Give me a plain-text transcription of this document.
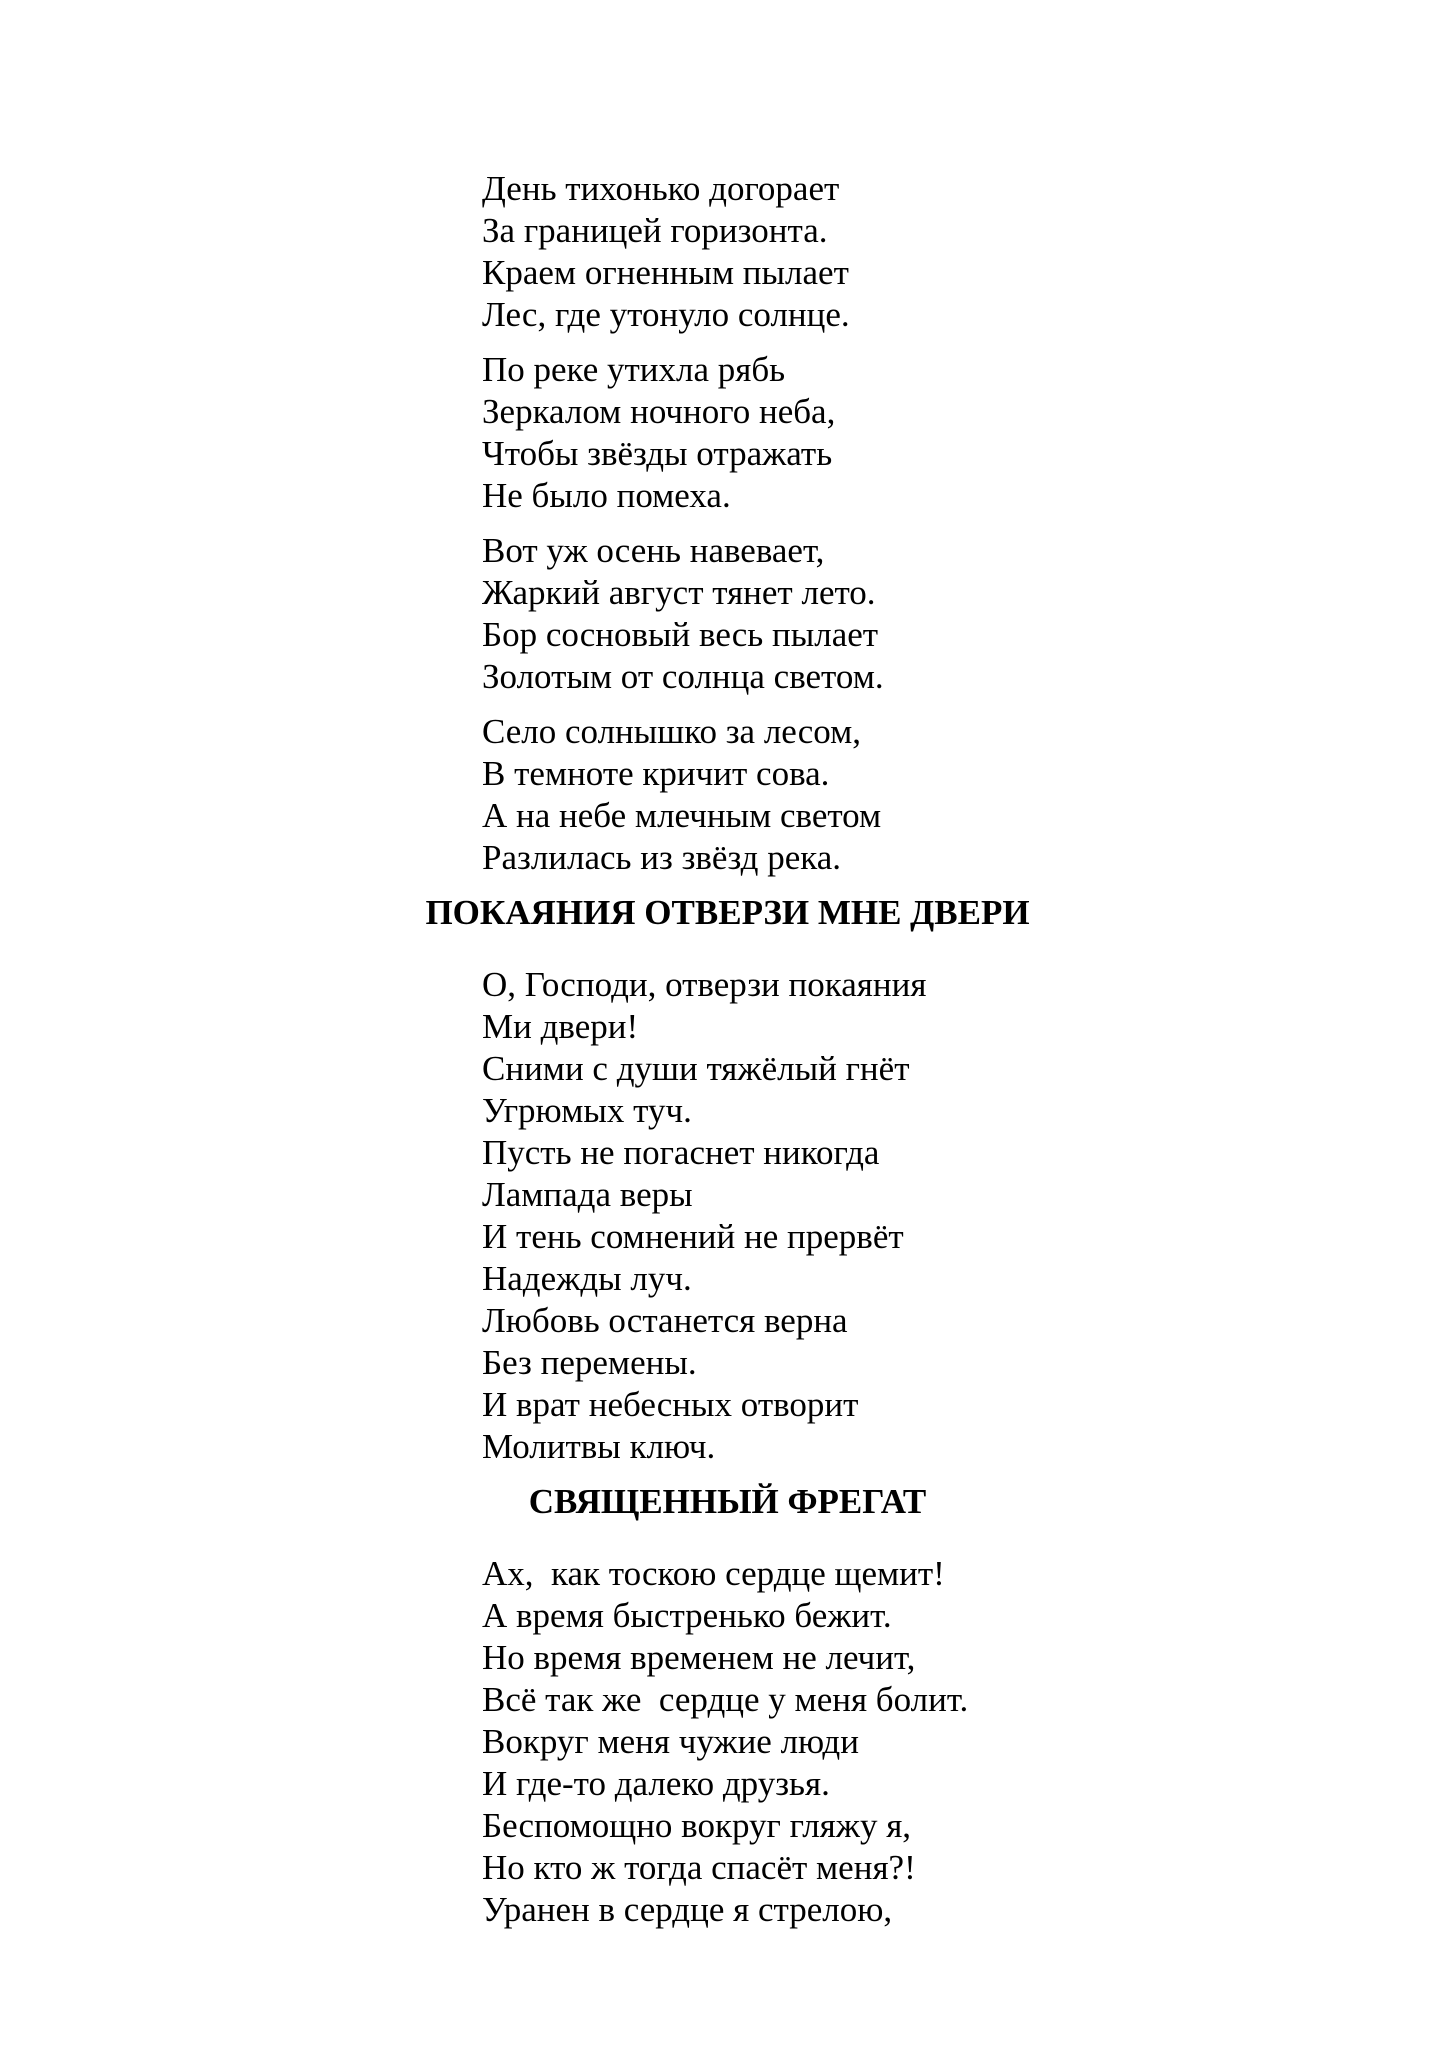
День тихонько догорает
За границей горизонта.
Краем огненным пылает
Лес, где утонуло солнце.

По реке утихла рябь
Зеркалом ночного неба,
Чтобы звёзды отражать
Не было помеха.

Вот уж осень навевает,
Жаркий август тянет лето.
Бор сосновый весь пылает
Золотым от солнца светом.

Село солнышко за лесом,
В темноте кричит сова.
А на небе млечным светом
Разлилась из звёзд река.

ПОКАЯНИЯ ОТВЕРЗИ МНЕ ДВЕРИ

О, Господи, отверзи покаяния
Ми двери!
Сними с души тяжёлый гнёт
Угрюмых туч.
Пусть не погаснет никогда
Лампада веры
И тень сомнений не прервёт
Надежды луч.
Любовь останется верна
Без перемены.
И врат небесных отворит
Молитвы ключ.

СВЯЩЕННЫЙ ФРЕГАТ

Ах,  как тоскою сердце щемит!
А время быстренько бежит.
Но время временем не лечит,
Всё так же  сердце у меня болит.
Вокруг меня чужие люди
И где-то далеко друзья.
Беспомощно вокруг гляжу я,
Но кто ж тогда спасёт меня?!
Уранен в сердце я стрелою,
